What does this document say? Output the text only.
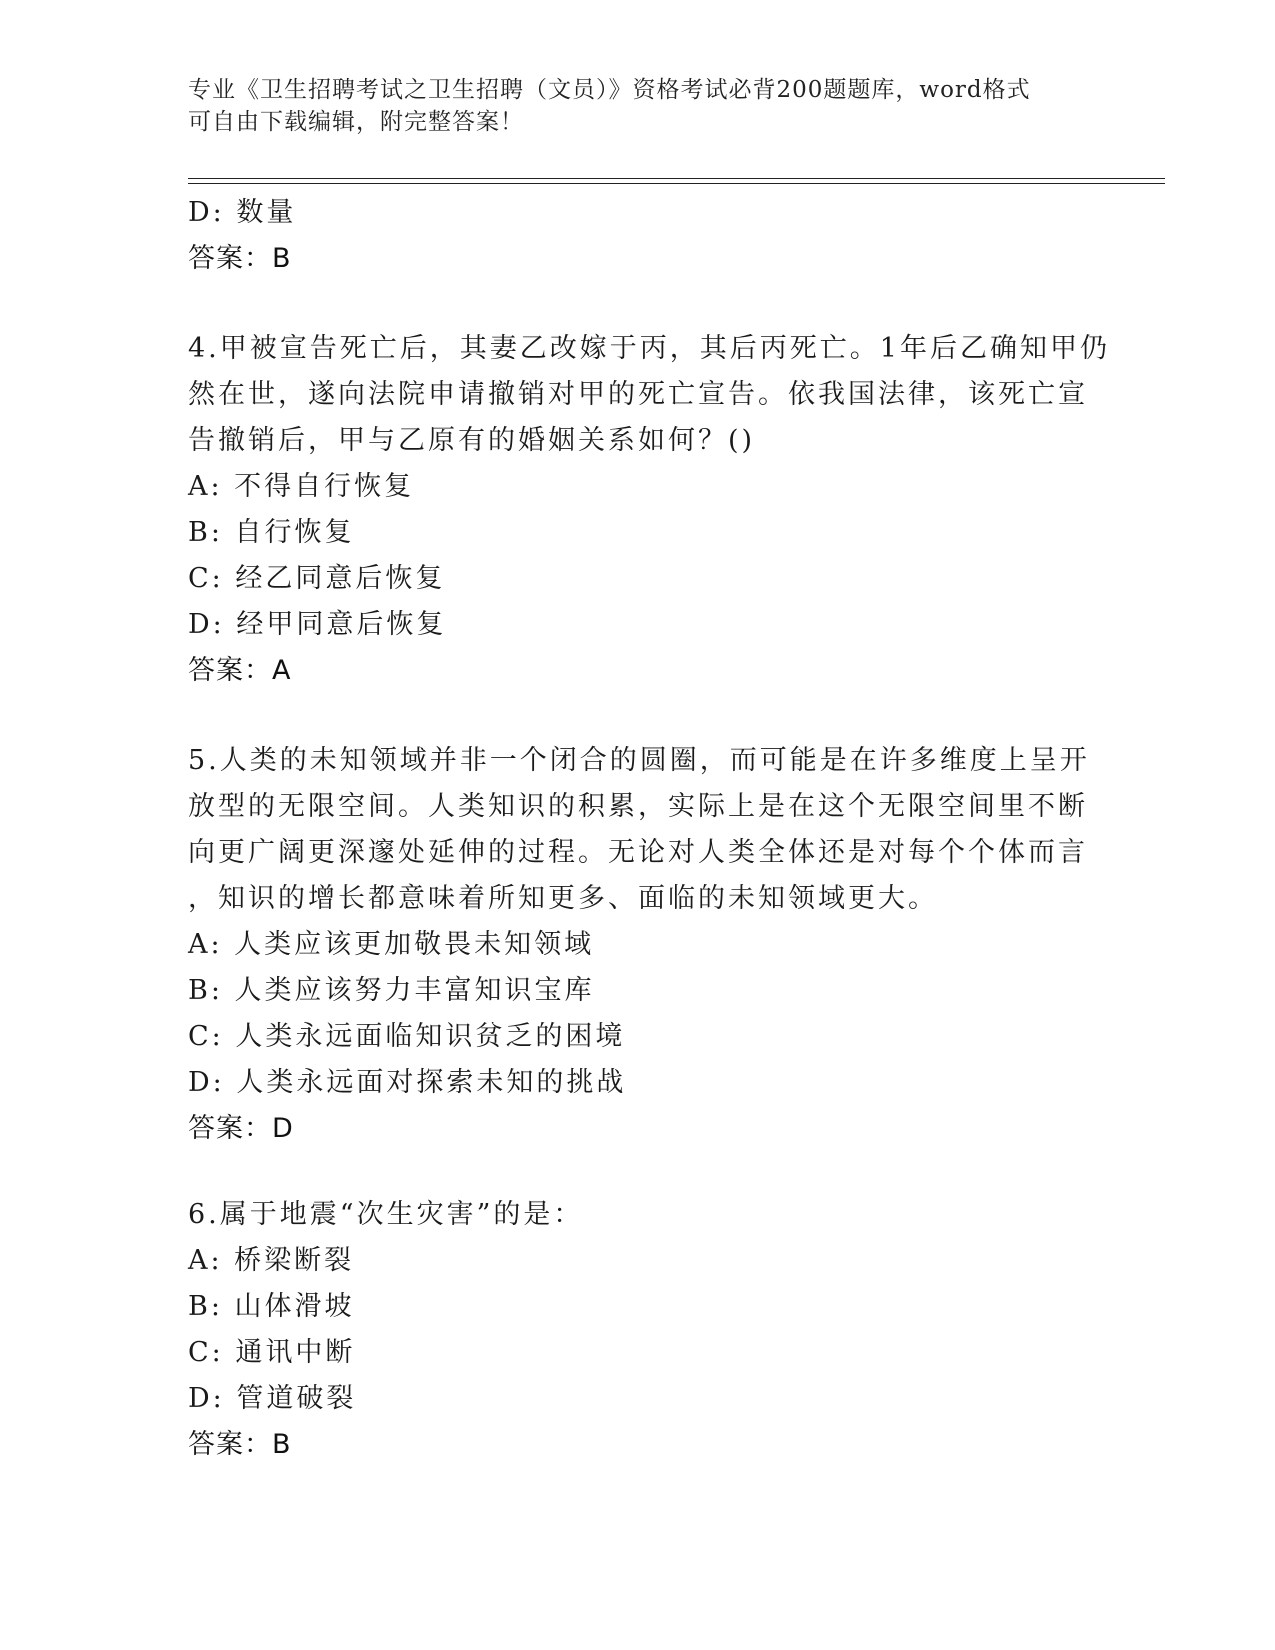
专业《卫生招聘考试之卫生招聘（文员）》资格考试必背200题题库，word格式
可自由下载编辑，附完整答案！
D: 数量
答案：B
4.甲被宣告死亡后，其妻乙改嫁于丙，其后丙死亡。1年后乙确知甲仍
然在世，遂向法院申请撤销对甲的死亡宣告。依我国法律，该死亡宣
告撤销后，甲与乙原有的婚姻关系如何？()
A: 不得自行恢复
B: 自行恢复
C: 经乙同意后恢复
D: 经甲同意后恢复
答案：A
5.人类的未知领域并非一个闭合的圆圈，而可能是在许多维度上呈开
放型的无限空间。人类知识的积累，实际上是在这个无限空间里不断
向更广阔更深邃处延伸的过程。无论对人类全体还是对每个个体而言
，知识的增长都意味着所知更多、面临的未知领域更大。
A: 人类应该更加敬畏未知领域
B: 人类应该努力丰富知识宝库
C: 人类永远面临知识贫乏的困境
D: 人类永远面对探索未知的挑战
答案：D
6.属于地震“次生灾害”的是：
A: 桥梁断裂
B: 山体滑坡
C: 通讯中断
D: 管道破裂
答案：B
